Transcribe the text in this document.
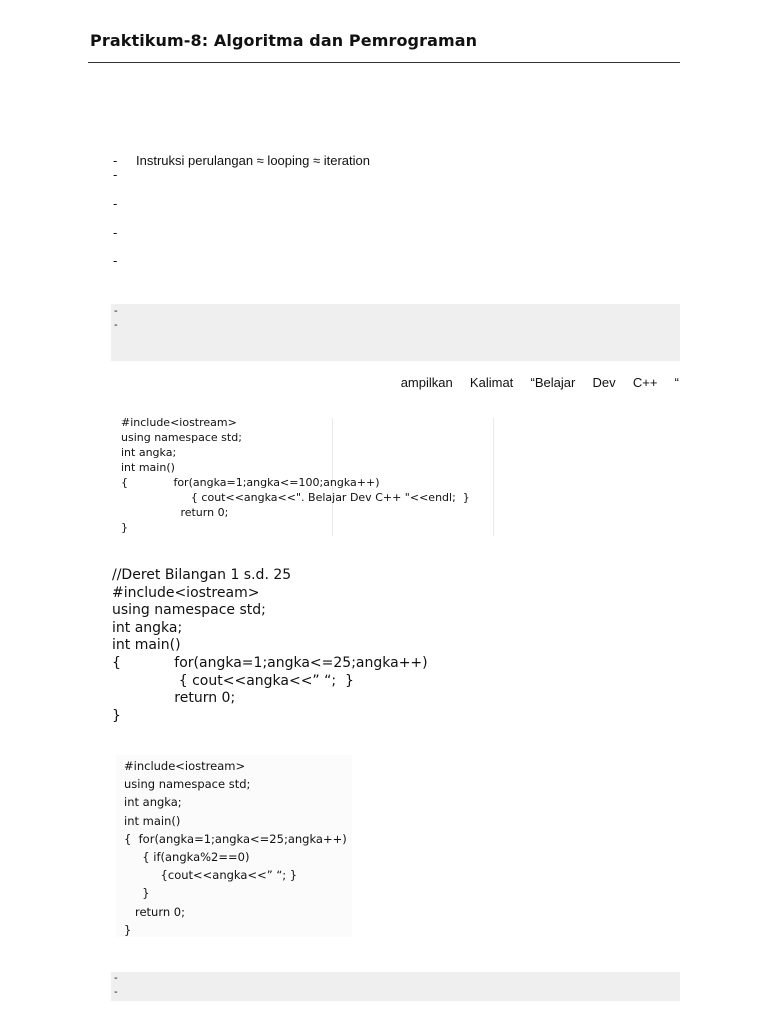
Praktikum-8: Algoritma dan Pemrograman
- Instruksi perulangan ≈ looping ≈ iteration
-
-
-
-
-
-
ampilkan  Kalimat  “Belajar  Dev  C++  “
#include<iostream>
using namespace std;
int angka;
int main()
{             for(angka=1;angka<=100;angka++)
{ cout<<angka<<". Belajar Dev C++ "<<endl;  }
return 0;
}
//Deret Bilangan 1 s.d. 25
#include<iostream>
using namespace std;
int angka;
int main()
{            for(angka=1;angka<=25;angka++)
{ cout<<angka<<” “;  }
return 0;
}
#include<iostream>
using namespace std;
int angka;
int main()
{  for(angka=1;angka<=25;angka++)
{ if(angka%2==0)
{cout<<angka<<” “; }
}
return 0;
}
-
-
